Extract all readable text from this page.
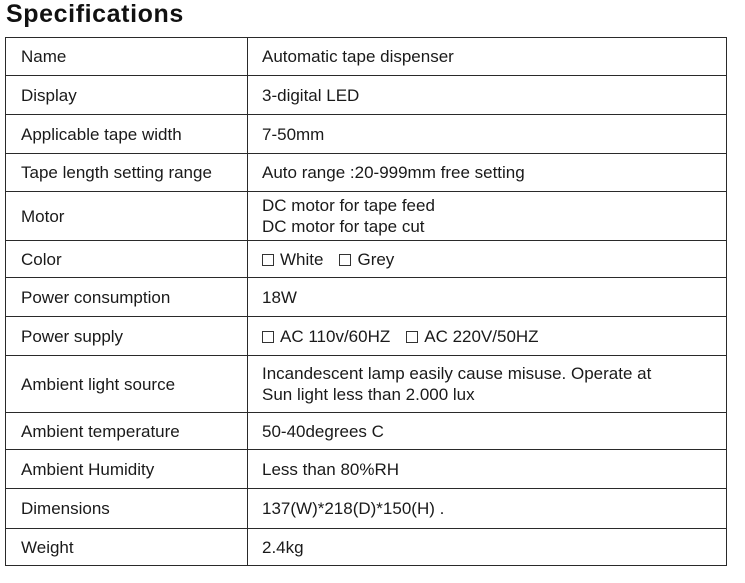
Specifications
Name	Automatic tape dispenser
Display	3-digital LED
Applicable tape width	7-50mm
Tape length setting range	Auto range :20-999mm free setting
Motor	DC motor for tape feed
DC motor for tape cut

Color	White Grey
Power consumption	18W
Power supply	AC 110v/60HZ AC 220V/50HZ
Ambient light source	Incandescent lamp easily cause misuse. Operate at
Sun light less than 2.000 lux

Ambient temperature	50-40degrees C
Ambient Humidity	Less than 80%RH
Dimensions	137(W)*218(D)*150(H) .
Weight	2.4kg
